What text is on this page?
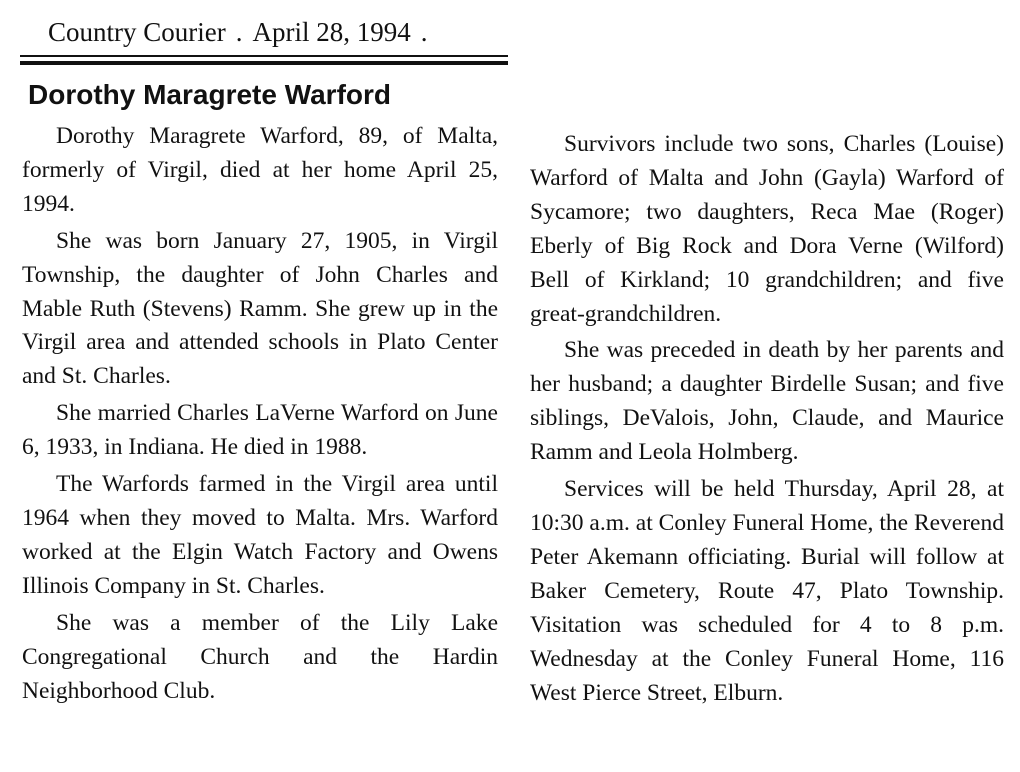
Country Courier . April 28, 1994 .
Dorothy Maragrete Warford

Dorothy Maragrete Warford, 89, of Malta, formerly of Virgil, died at her home April 25, 1994.

She was born January 27, 1905, in Virgil Township, the daughter of John Charles and Mable Ruth (Stevens) Ramm. She grew up in the Virgil area and attended schools in Plato Center and St. Charles.

She married Charles LaVerne Warford on June 6, 1933, in Indiana. He died in 1988.

The Warfords farmed in the Virgil area until 1964 when they moved to Malta. Mrs. Warford worked at the Elgin Watch Factory and Owens Illinois Company in St. Charles.

She was a member of the Lily Lake Congregational Church and the Hardin Neighborhood Club.

Survivors include two sons, Charles (Louise) Warford of Malta and John (Gayla) Warford of Sycamore; two daughters, Reca Mae (Roger) Eberly of Big Rock and Dora Verne (Wilford) Bell of Kirkland; 10 grandchildren; and five great-grandchildren.

She was preceded in death by her parents and her husband; a daughter Birdelle Susan; and five siblings, DeValois, John, Claude, and Maurice Ramm and Leola Holmberg.

Services will be held Thursday, April 28, at 10:30 a.m. at Conley Funeral Home, the Reverend Peter Akemann officiating. Burial will follow at Baker Cemetery, Route 47, Plato Township. Visitation was scheduled for 4 to 8 p.m. Wednesday at the Conley Funeral Home, 116 West Pierce Street, Elburn.
